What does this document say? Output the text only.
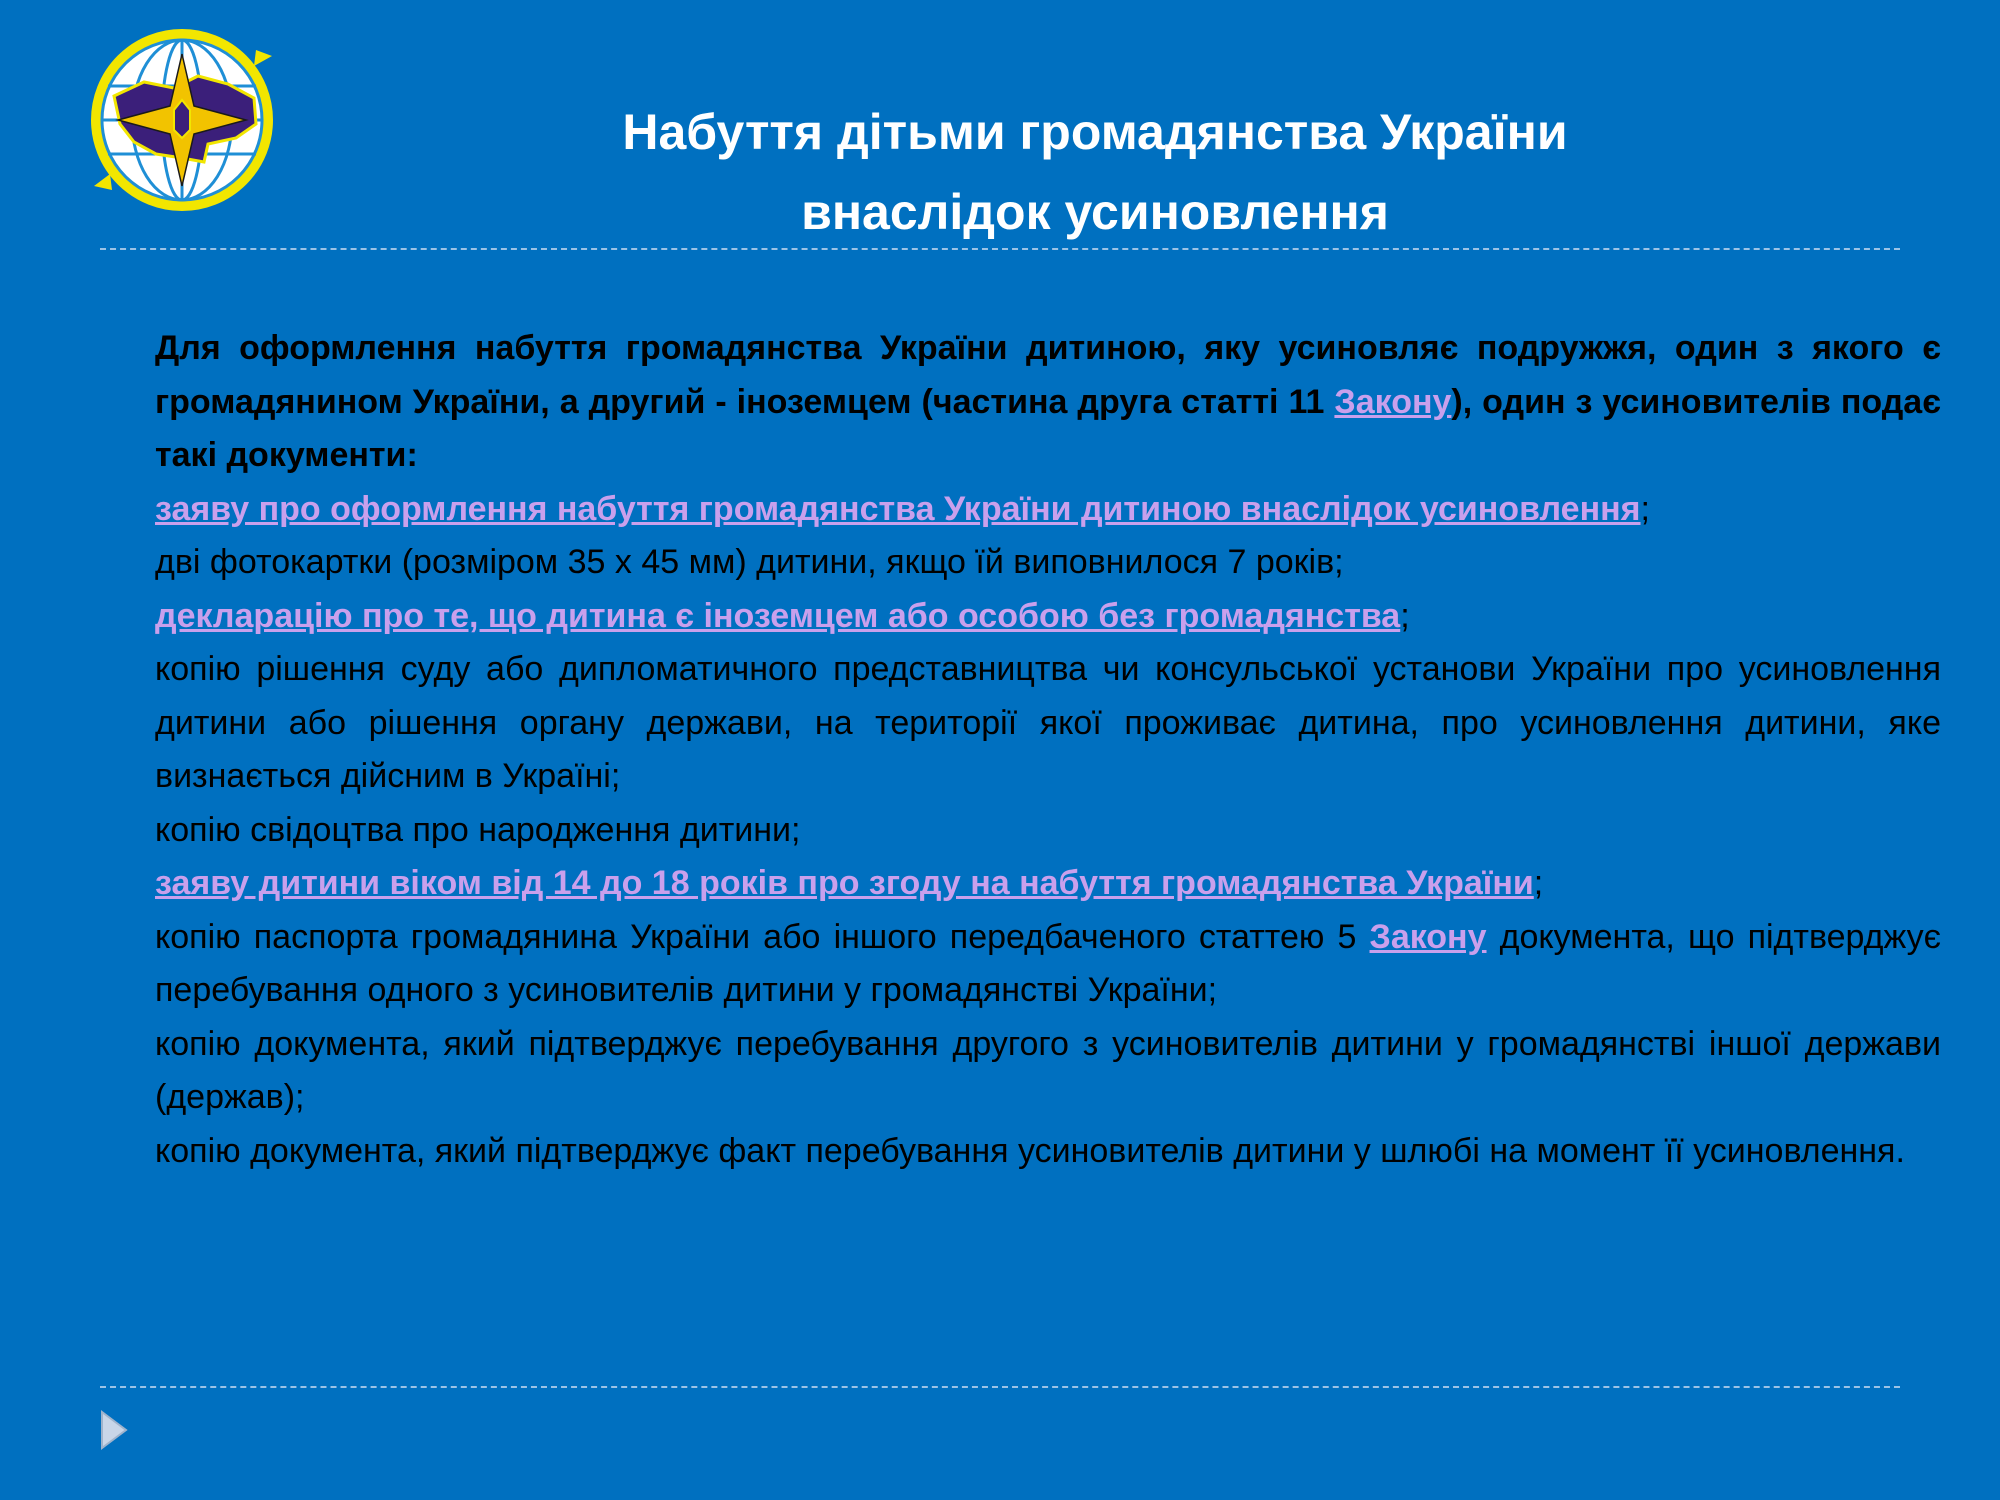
Набуття дітьми громадянства України
внаслідок усиновлення

Для оформлення набуття громадянства України дитиною, яку усиновляє подружжя, один з якого є громадянином України, а другий - іноземцем (частина друга статті 11 Закону), один з усиновителів подає такі документи:

заяву про оформлення набуття громадянства України дитиною внаслідок усиновлення;

дві фотокартки (розміром 35 х 45 мм) дитини, якщо їй виповнилося 7 років;

декларацію про те, що дитина є іноземцем або особою без громадянства;

копію рішення суду або дипломатичного представництва чи консульської установи України про усиновлення дитини або рішення органу держави, на території якої проживає дитина, про усиновлення дитини, яке визнається дійсним в Україні;

копію свідоцтва про народження дитини;

заяву дитини віком від 14 до 18 років про згоду на набуття громадянства України;

копію паспорта громадянина України або іншого передбаченого статтею 5 Закону документа, що підтверджує перебування одного з усиновителів дитини у громадянстві України;

копію документа, який підтверджує перебування другого з усиновителів дитини у громадянстві іншої держави (держав);

копію документа, який підтверджує факт перебування усиновителів дитини у шлюбі на момент її усиновлення.
